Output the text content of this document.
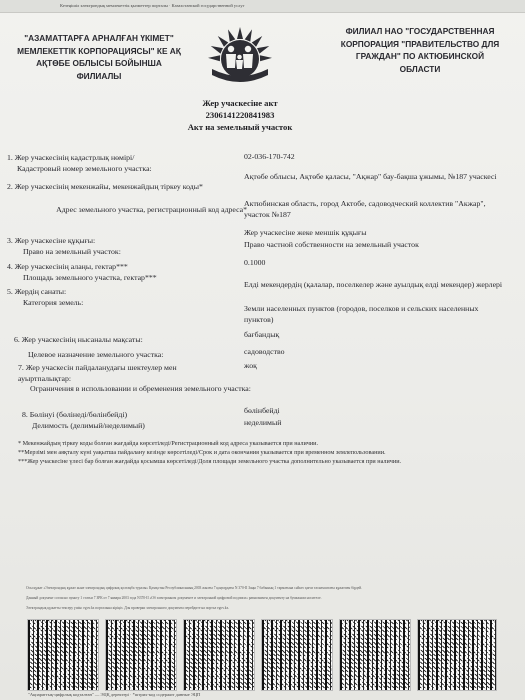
Кезеңішіл электрондық мемлекеттік қызметтер порталы · Казахстанской государственной услуг
"АЗАМАТТАРҒА АРНАЛҒАН ҮКІМЕТ" МЕМЛЕКЕТТІК КОРПОРАЦИЯСЫ" КЕ АҚ АҚТӨБЕ ОБЛЫСЫ БОЙЫНША ФИЛИАЛЫ
ФИЛИАЛ НАО "ГОСУДАРСТВЕННАЯ КОРПОРАЦИЯ "ПРАВИТЕЛЬСТВО ДЛЯ ГРАЖДАН" ПО АКТЮБИНСКОЙ ОБЛАСТИ
Жер учаскесіне акт
2306141220841983
Акт на земельный участок
1. Жер учаскесінің кадастрлық нөмірі/
Кадастровый номер земельного участка:
02-036-170-742
2. Жер учаскесінің мекенжайы, мекенжайдың тіркеу коды*
Адрес земельного участка, регистрационный код адреса*
Ақтөбе облысы, Ақтөбе қаласы, "Ақжар" бау-бақша ұжымы, №187 учаскесі
Актюбинская область, город Актобе, садоводческий коллектив "Акжар", участок №187
3. Жер учаскесіне құқығы:
Право на земельный участок:
Жер учаскесіне жеке меншік құқығы
Право частной собственности на земельный участок
4. Жер учаскесінің алаңы, гектар***
Площадь земельного участка, гектар***
0.1000
5. Жердің санаты:
Категория земель:
Елді мекендердің (қалалар, поселкелер және ауылдық елді мекендер) жерлері
Земли населенных пунктов (городов, поселков и сельских населенных пунктов)
6. Жер учаскесінің нысаналы мақсаты:
Целевое назначение земельного участка:
бағбандық
садоводство
7. Жер учаскесін пайдаланудағы шектеулер мен ауыртпалықтар:
Ограничения в использовании и обременения земельного участка:
жоқ
8. Бөлінуі (бөлінеді/бөлінбейді)
Делимость (делимый/неделимый)
бөлінбейді
неделимый
* Мекенжайдың тіркеу коды болған жағдайда көрсетіледі/Регистрационный код адреса указывается при наличии.
**Мерзімі мен аяқталу күні уақытша пайдалану кезінде көрсетіледі/Срок и дата окончания указывается при временном землепользовании.
***Жер учаскесіне үлесі бар болған жағдайда қосымша көрсетіледі/Доля площади земельного участка дополнительно указывается при наличии.
Осы құжат «Электрондық құжат және электрондық цифрлық қолтаңба туралы» Қазақстан Республикасының 2003 жылғы 7 қаңтардағы N 370-II Заңы 7 бабының 1 тармағына сәйкес қағаз тасығыштағы құжатпен бірдей.
Данный документ согласно пункту 1 статьи 7 ЗРК от 7 января 2003 года N370-II «Об электронном документе и электронной цифровой подписи» равнозначен документу на бумажном носителе.
Электрондық құжатты тексеру үшін: egov.kz порталына кіріңіз. Для проверки электронного документа перейдите на портал egov.kz.
"Ақпараттық-цифрлық кодталған" — ЭЦҚ деректері · *штрих-код содержит данные ЭЦП
